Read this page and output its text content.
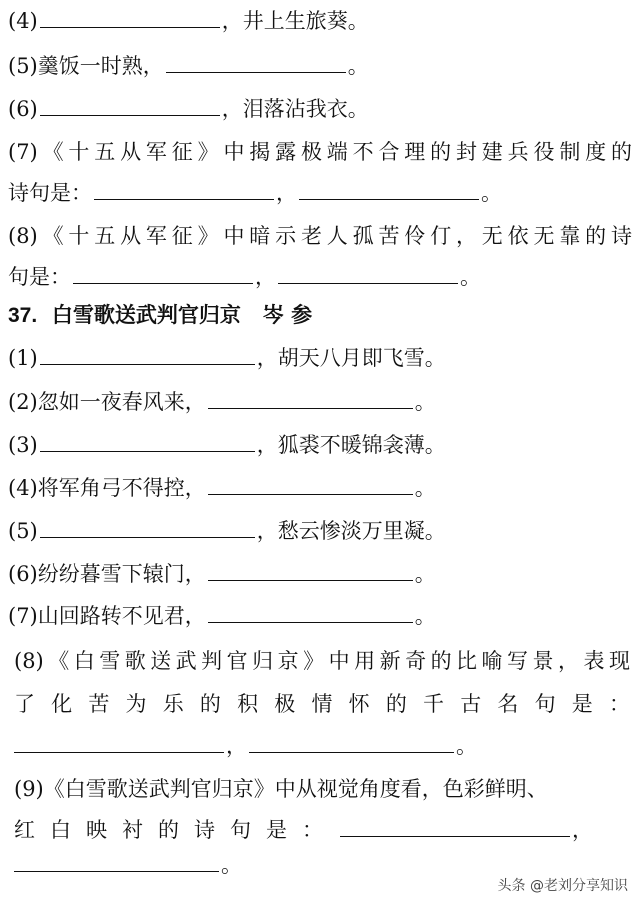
(4)	，井上生旅葵。
(5)羹饭一时熟，	。
(6)	，泪落沾我衣。
(7)《十五从军征》中揭露极端不合理的封建兵役制度的
诗句是：	，	。
(8)《十五从军征》中暗示老人孤苦伶仃，无依无靠的诗
句是：	，	。
37. 白雪歌送武判官归京 岑 参
(1)	，胡天八月即飞雪。
(2)忽如一夜春风来，	。
(3)	，狐裘不暖锦衾薄。
(4)将军角弓不得控，	。
(5)	，愁云惨淡万里凝。
(6)纷纷暮雪下辕门，	。
(7)山回路转不见君，	。
(8)《白雪歌送武判官归京》中用新奇的比喻写景，表现
了化苦为乐的积极情怀的千古名句是：
，	。
(9)《白雪歌送武判官归京》中从视觉角度看，色彩鲜明、
红白映衬的诗句是：	，
。
头条 @老刘分享知识
